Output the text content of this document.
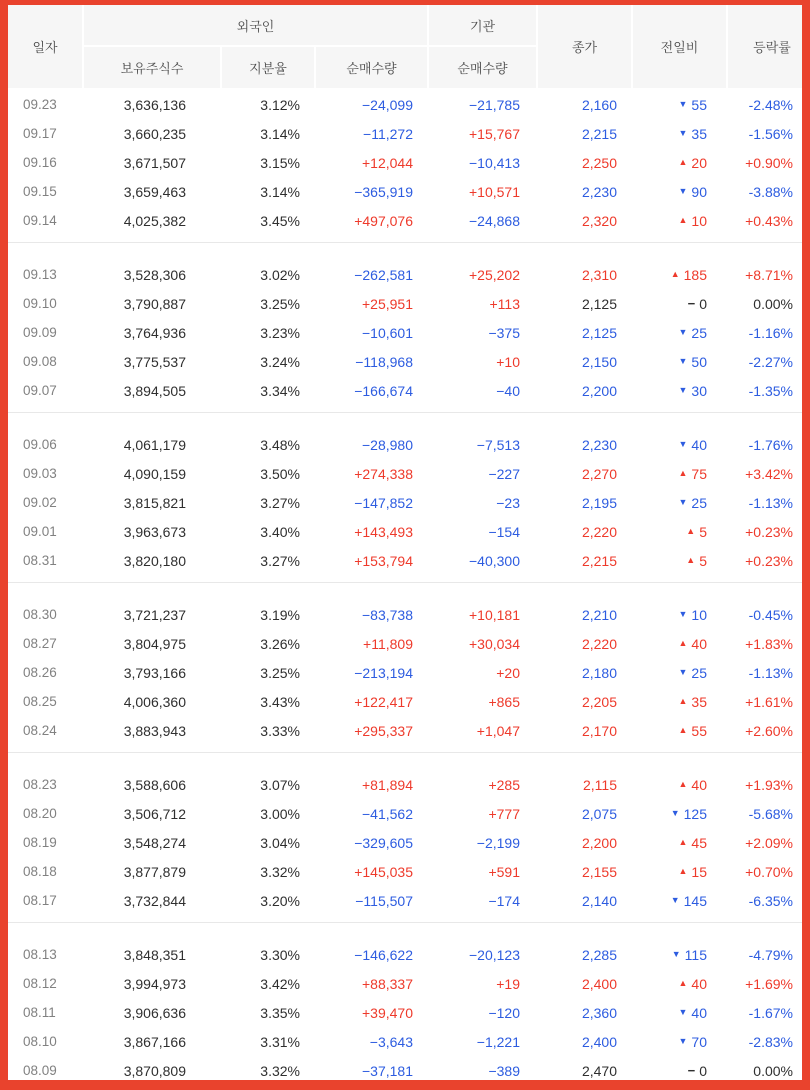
일자
외국인	기관
보유주식수	지분율	순매수량	순매수량
종가	전일비	등락률
09.23	3,636,136	3.12%	−24,099	−21,785	2,160	▼ 55	-2.48%
09.17	3,660,235	3.14%	−11,272	+15,767	2,215	▼ 35	-1.56%
09.16	3,671,507	3.15%	+12,044	−10,413	2,250	▲ 20	+0.90%
09.15	3,659,463	3.14%	−365,919	+10,571	2,230	▼ 90	-3.88%
09.14	4,025,382	3.45%	+497,076	−24,868	2,320	▲ 10	+0.43%
09.13	3,528,306	3.02%	−262,581	+25,202	2,310	▲ 185	+8.71%
09.10	3,790,887	3.25%	+25,951	+113	2,125	− 0	0.00%
09.09	3,764,936	3.23%	−10,601	−375	2,125	▼ 25	-1.16%
09.08	3,775,537	3.24%	−118,968	+10	2,150	▼ 50	-2.27%
09.07	3,894,505	3.34%	−166,674	−40	2,200	▼ 30	-1.35%
09.06	4,061,179	3.48%	−28,980	−7,513	2,230	▼ 40	-1.76%
09.03	4,090,159	3.50%	+274,338	−227	2,270	▲ 75	+3.42%
09.02	3,815,821	3.27%	−147,852	−23	2,195	▼ 25	-1.13%
09.01	3,963,673	3.40%	+143,493	−154	2,220	▲ 5	+0.23%
08.31	3,820,180	3.27%	+153,794	−40,300	2,215	▲ 5	+0.23%
08.30	3,721,237	3.19%	−83,738	+10,181	2,210	▼ 10	-0.45%
08.27	3,804,975	3.26%	+11,809	+30,034	2,220	▲ 40	+1.83%
08.26	3,793,166	3.25%	−213,194	+20	2,180	▼ 25	-1.13%
08.25	4,006,360	3.43%	+122,417	+865	2,205	▲ 35	+1.61%
08.24	3,883,943	3.33%	+295,337	+1,047	2,170	▲ 55	+2.60%
08.23	3,588,606	3.07%	+81,894	+285	2,115	▲ 40	+1.93%
08.20	3,506,712	3.00%	−41,562	+777	2,075	▼ 125	-5.68%
08.19	3,548,274	3.04%	−329,605	−2,199	2,200	▲ 45	+2.09%
08.18	3,877,879	3.32%	+145,035	+591	2,155	▲ 15	+0.70%
08.17	3,732,844	3.20%	−115,507	−174	2,140	▼ 145	-6.35%
08.13	3,848,351	3.30%	−146,622	−20,123	2,285	▼ 115	-4.79%
08.12	3,994,973	3.42%	+88,337	+19	2,400	▲ 40	+1.69%
08.11	3,906,636	3.35%	+39,470	−120	2,360	▼ 40	-1.67%
08.10	3,867,166	3.31%	−3,643	−1,221	2,400	▼ 70	-2.83%
08.09	3,870,809	3.32%	−37,181	−389	2,470	− 0	0.00%
